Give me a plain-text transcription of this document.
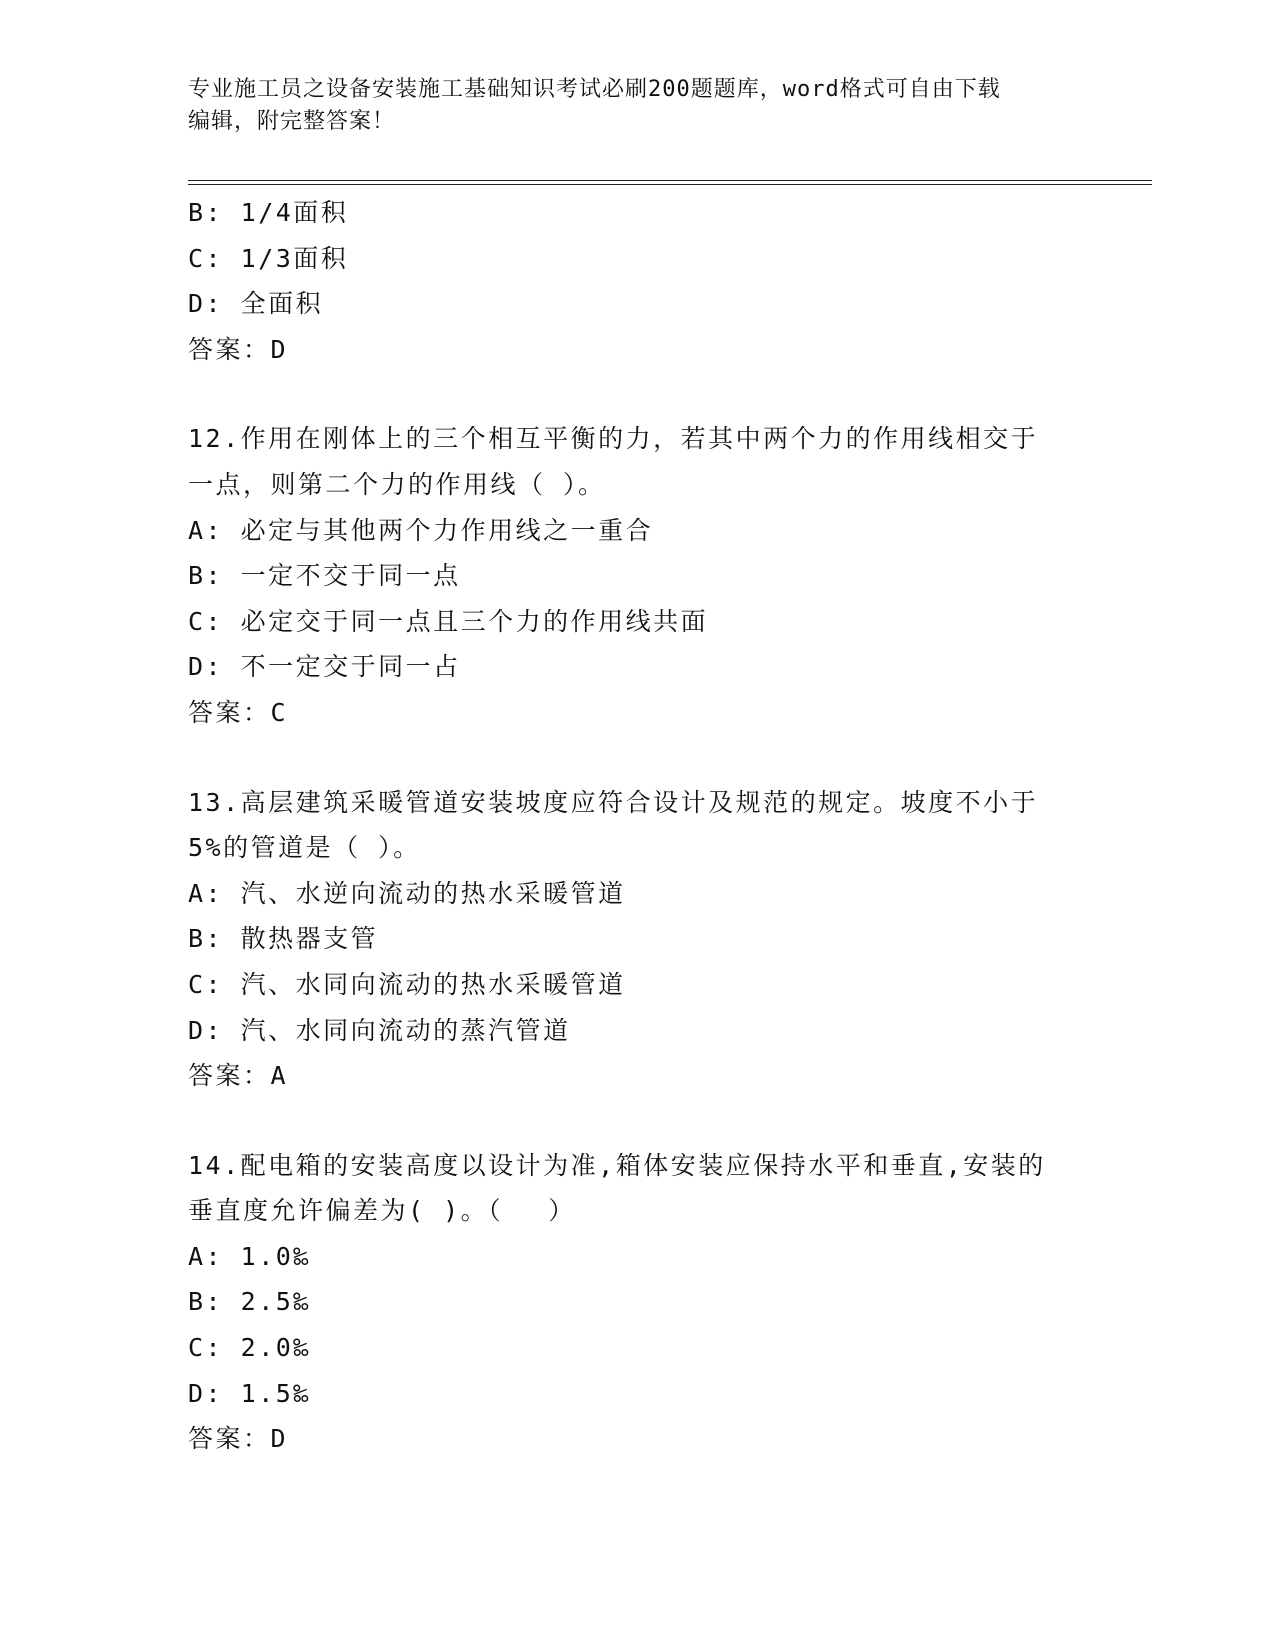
专业施工员之设备安装施工基础知识考试必刷200题题库，word格式可自由下载
编辑，附完整答案！
B: 1/4面积
C: 1/3面积
D: 全面积
答案：D
12.作用在刚体上的三个相互平衡的力，若其中两个力的作用线相交于
一点，则第二个力的作用线（ ）。
A: 必定与其他两个力作用线之一重合
B: 一定不交于同一点
C: 必定交于同一点且三个力的作用线共面
D: 不一定交于同一占
答案：C
13.高层建筑采暖管道安装坡度应符合设计及规范的规定。坡度不小于
5%的管道是（ ）。
A: 汽、水逆向流动的热水采暖管道
B: 散热器支管
C: 汽、水同向流动的热水采暖管道
D: 汽、水同向流动的蒸汽管道
答案：A
14.配电箱的安装高度以设计为准,箱体安装应保持水平和垂直,安装的
垂直度允许偏差为( )。（　 ）
A: 1.0‰
B: 2.5‰
C: 2.0‰
D: 1.5‰
答案：D
